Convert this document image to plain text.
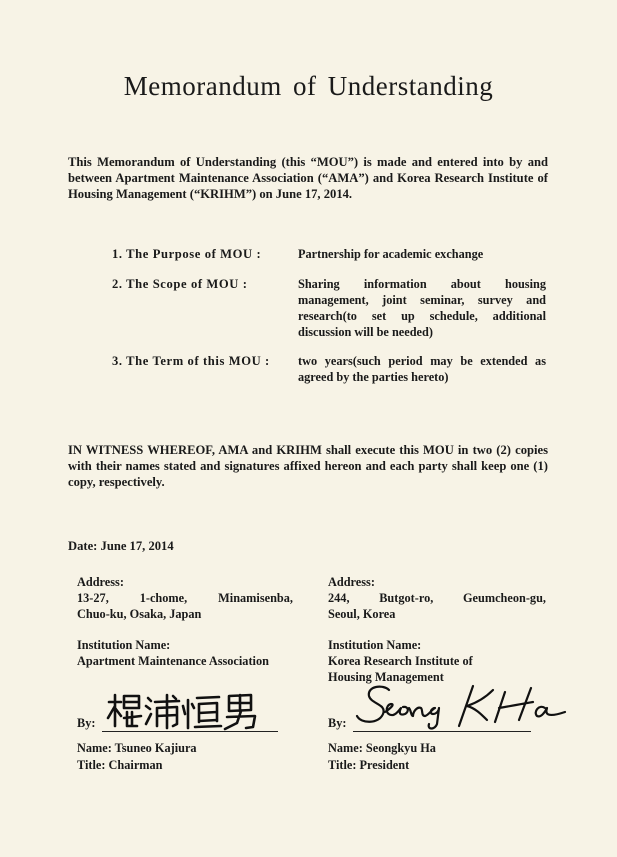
Memorandum of Understanding
This Memorandum of Understanding (this “MOU”) is made and entered into by and between Apartment Maintenance Association (“AMA”) and Korea Research Institute of Housing Management (“KRIHM”) on June 17, 2014.
1. The Purpose of MOU :	Partnership for academic exchange
2. The Scope of MOU :	Sharing information about housing management, joint seminar, survey and research(to set up schedule, additional discussion will be needed)
3. The Term of this MOU :	two years(such period may be extended as agreed by the parties hereto)
IN WITNESS WHEREOF, AMA and KRIHM shall execute this MOU in two (2) copies with their names stated and signatures affixed hereon and each party shall keep one (1) copy, respectively.
Date: June 17, 2014
Address:
13-27, 1-chome, Minamisenba,
Chuo-ku, Osaka, Japan
Institution Name:
Apartment Maintenance Association
Address:
244, Butgot-ro, Geumcheon-gu,
Seoul, Korea
Institution Name:
Korea Research Institute of
Housing Management
By:
Name: Tsuneo Kajiura
Title: Chairman
By:
Name: Seongkyu Ha
Title: President
